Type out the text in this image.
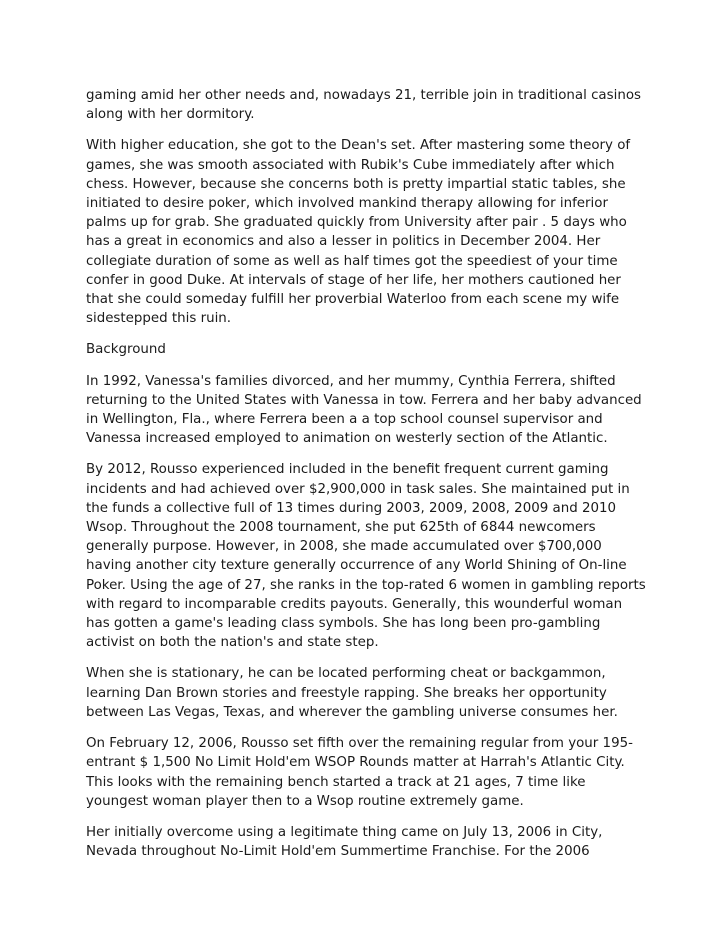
gaming amid her other needs and, nowadays 21, terrible join in traditional casinos along with her dormitory.

With higher education, she got to the Dean's set. After mastering some theory of games, she was smooth associated with Rubik's Cube immediately after which chess. However, because she concerns both is pretty impartial static tables, she initiated to desire poker, which involved mankind therapy allowing for inferior palms up for grab. She graduated quickly from University after pair . 5 days who has a great in economics and also a lesser in politics in December 2004. Her collegiate duration of some as well as half times got the speediest of your time confer in good Duke. At intervals of stage of her life, her mothers cautioned her that she could someday fulfill her proverbial Waterloo from each scene my wife sidestepped this ruin.

Background

In 1992, Vanessa's families divorced, and her mummy, Cynthia Ferrera, shifted returning to the United States with Vanessa in tow. Ferrera and her baby advanced in Wellington, Fla., where Ferrera been a a top school counsel supervisor and Vanessa increased employed to animation on westerly section of the Atlantic.

By 2012, Rousso experienced included in the benefit frequent current gaming incidents and had achieved over $2,900,000 in task sales. She maintained put in the funds a collective full of 13 times during 2003, 2009, 2008, 2009 and 2010 Wsop. Throughout the 2008 tournament, she put 625th of 6844 newcomers generally purpose. However, in 2008, she made accumulated over $700,000 having another city texture generally occurrence of any World Shining of On-line Poker. Using the age of 27, she ranks in the top-rated 6 women in gambling reports with regard to incomparable credits payouts. Generally, this wounderful woman has gotten a game's leading class symbols. She has long been pro-gambling activist on both the nation's and state step.

When she is stationary, he can be located performing cheat or backgammon, learning Dan Brown stories and freestyle rapping. She breaks her opportunity between Las Vegas, Texas, and wherever the gambling universe consumes her.

On February 12, 2006, Rousso set fifth over the remaining regular from your 195-entrant $ 1,500 No Limit Hold'em WSOP Rounds matter at Harrah's Atlantic City. This looks with the remaining bench started a track at 21 ages, 7 time like youngest woman player then to a Wsop routine extremely game.

Her initially overcome using a legitimate thing came on July 13, 2006 in City, Nevada throughout No-Limit Hold'em Summertime Franchise. For the 2006
